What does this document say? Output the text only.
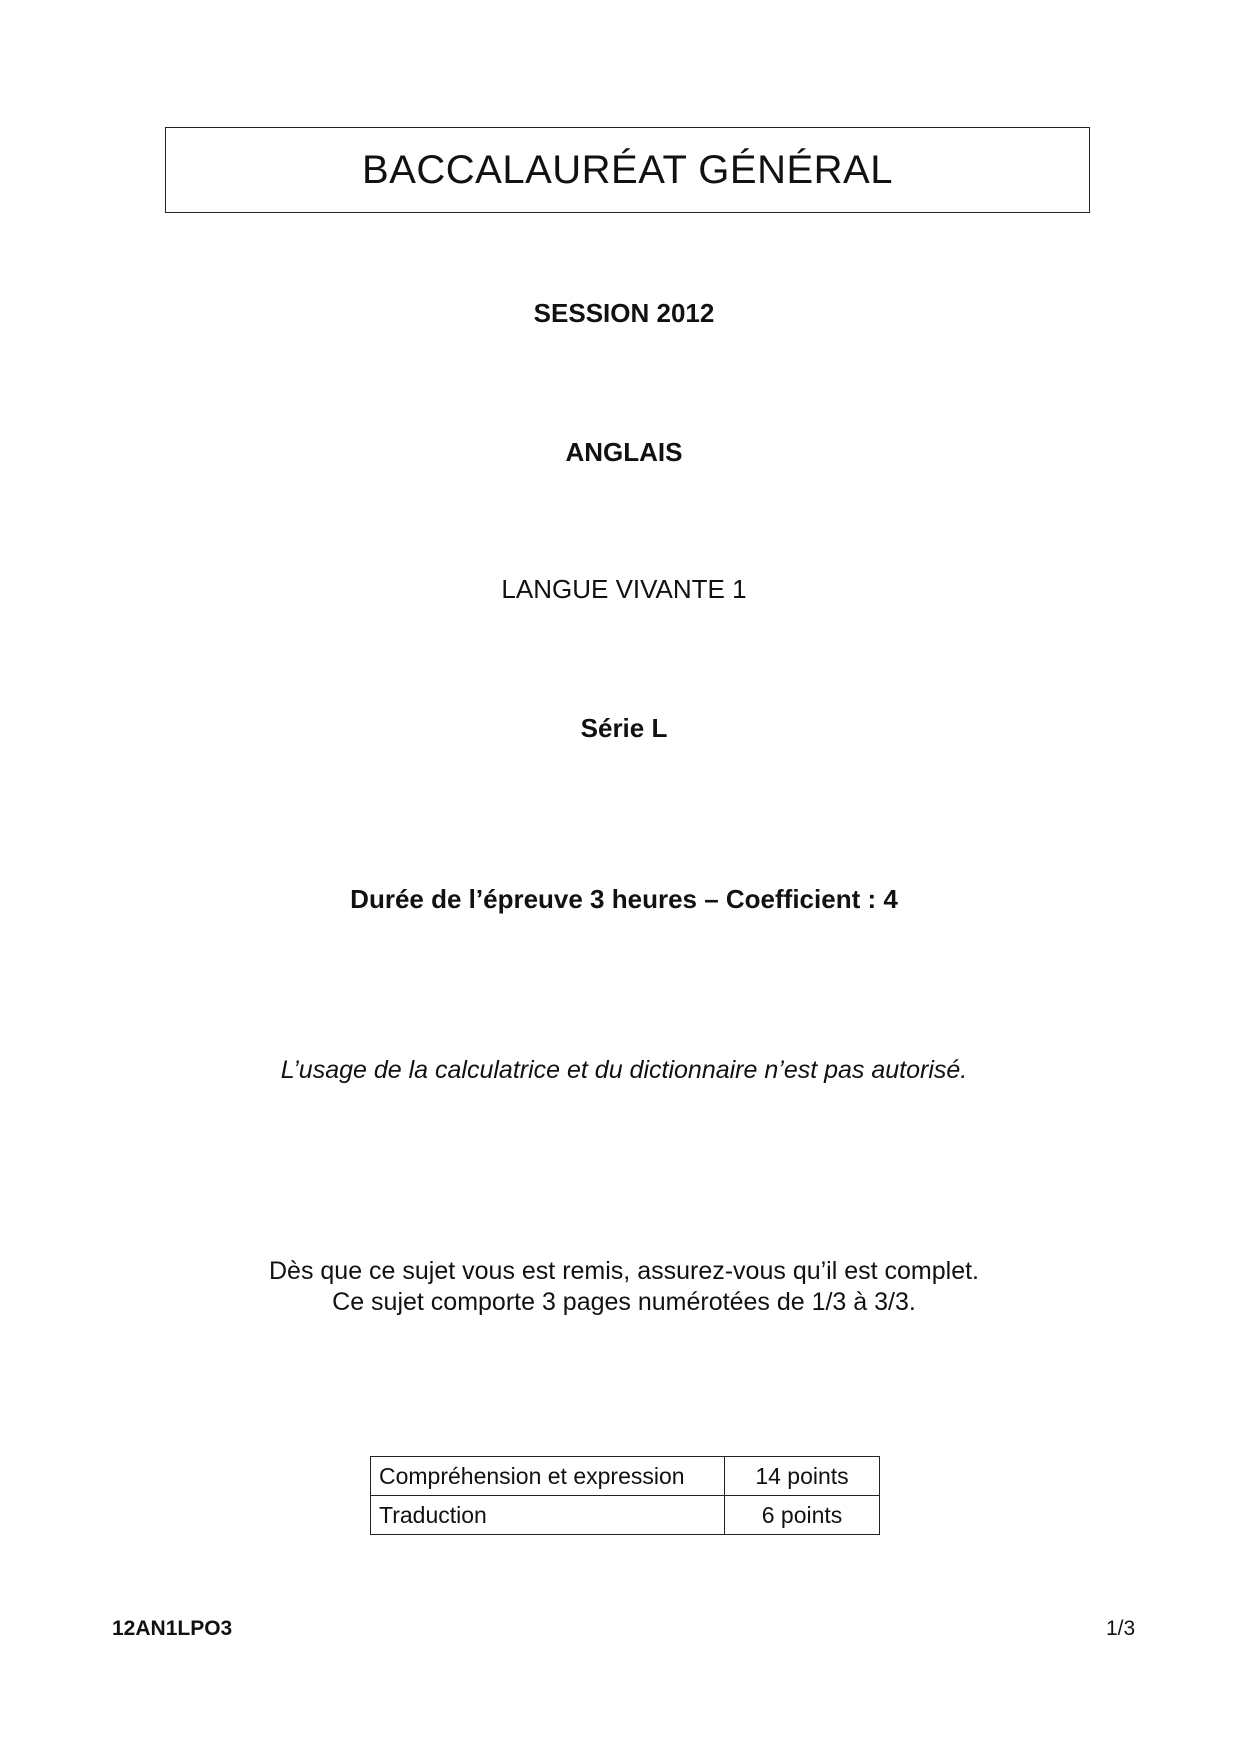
BACCALAURÉAT GÉNÉRAL
SESSION 2012
ANGLAIS
LANGUE VIVANTE 1
Série L
Durée de l’épreuve 3 heures – Coefficient : 4
L’usage de la calculatrice et du dictionnaire n’est pas autorisé.
Dès que ce sujet vous est remis, assurez-vous qu’il est complet.
Ce sujet comporte 3 pages numérotées de 1/3 à 3/3.
Compréhension et expression	14 points
Traduction	6 points
12AN1LPO3	1/3
